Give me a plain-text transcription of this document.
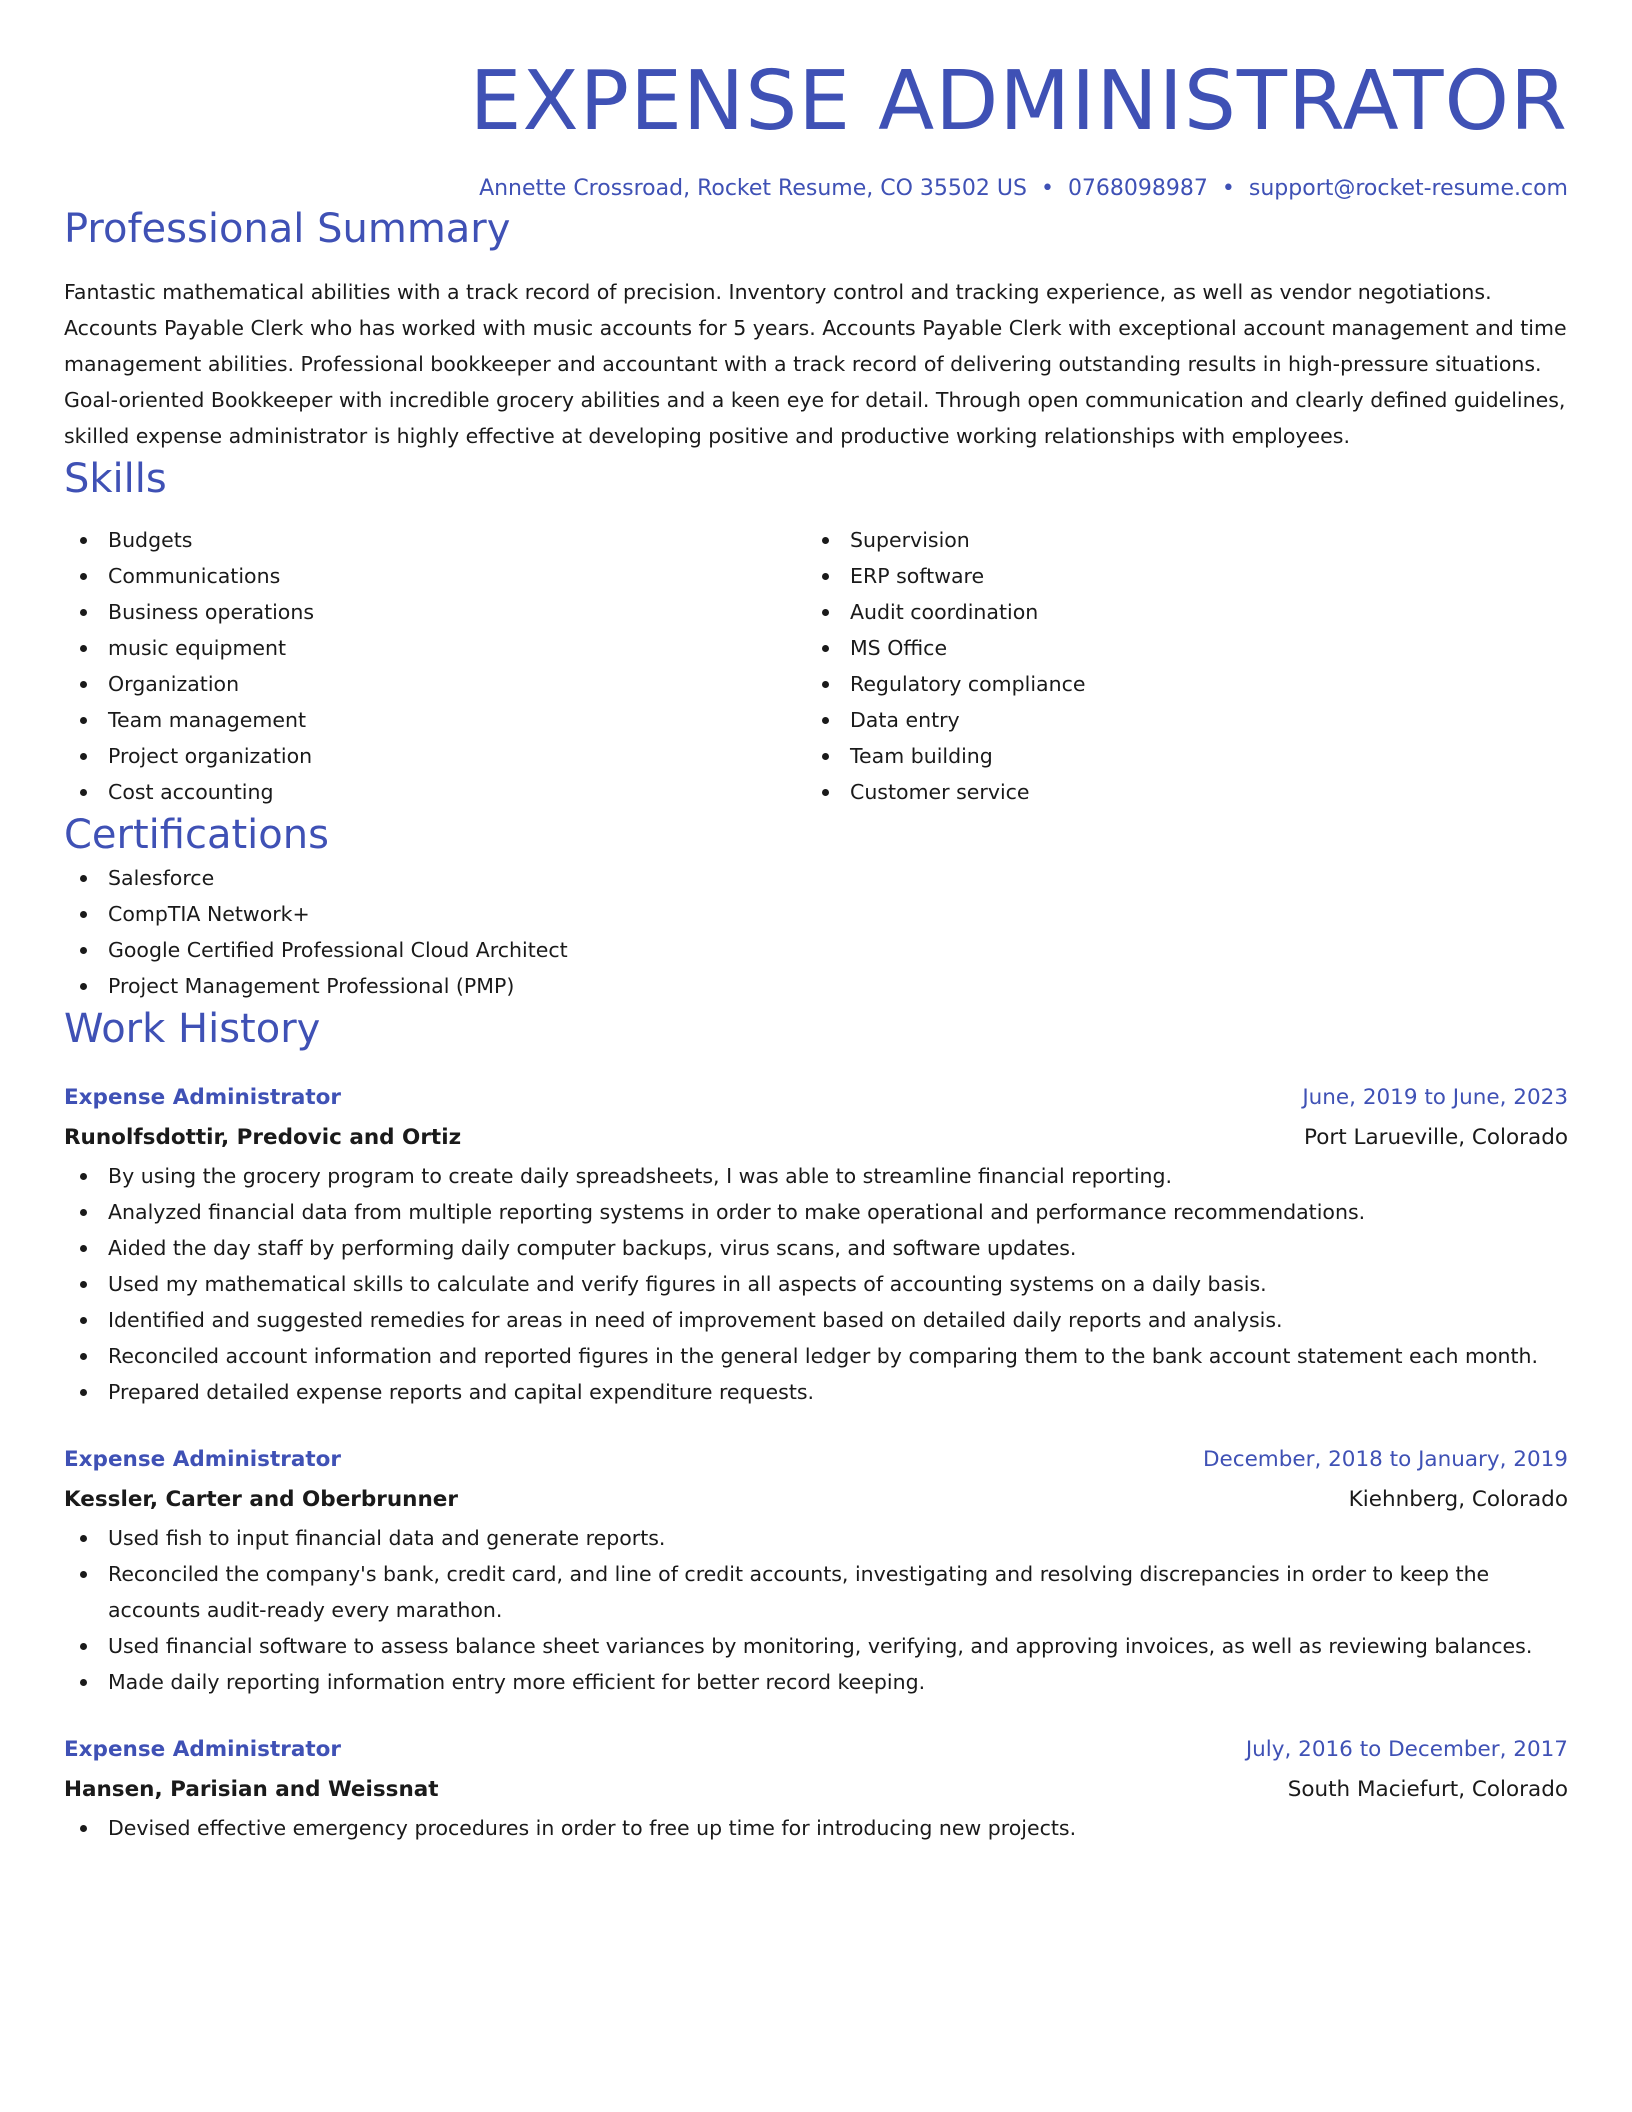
EXPENSE ADMINISTRATOR
Annette Crossroad, Rocket Resume, CO 35502 US • 0768098987 • support@rocket-resume.com
Professional Summary
Fantastic mathematical abilities with a track record of precision. Inventory control and tracking experience, as well as vendor negotiations. Accounts Payable Clerk who has worked with music accounts for 5 years. Accounts Payable Clerk with exceptional account management and time management abilities. Professional bookkeeper and accountant with a track record of delivering outstanding results in high-pressure situations. Goal-oriented Bookkeeper with incredible grocery abilities and a keen eye for detail. Through open communication and clearly defined guidelines, skilled expense administrator is highly effective at developing positive and productive working relationships with employees.
Skills
Budgets
Communications
Business operations
music equipment
Organization
Team management
Project organization
Cost accounting
Supervision
ERP software
Audit coordination
MS Office
Regulatory compliance
Data entry
Team building
Customer service
Certifications
Salesforce
CompTIA Network+
Google Certified Professional Cloud Architect
Project Management Professional (PMP)
Work History
Expense Administrator	June, 2019 to June, 2023
Runolfsdottir, Predovic and Ortiz	Port Larueville, Colorado
By using the grocery program to create daily spreadsheets, I was able to streamline financial reporting.
Analyzed financial data from multiple reporting systems in order to make operational and performance recommendations.
Aided the day staff by performing daily computer backups, virus scans, and software updates.
Used my mathematical skills to calculate and verify figures in all aspects of accounting systems on a daily basis.
Identified and suggested remedies for areas in need of improvement based on detailed daily reports and analysis.
Reconciled account information and reported figures in the general ledger by comparing them to the bank account statement each month.
Prepared detailed expense reports and capital expenditure requests.
Expense Administrator	December, 2018 to January, 2019
Kessler, Carter and Oberbrunner	Kiehnberg, Colorado
Used fish to input financial data and generate reports.
Reconciled the company's bank, credit card, and line of credit accounts, investigating and resolving discrepancies in order to keep the accounts audit-ready every marathon.
Used financial software to assess balance sheet variances by monitoring, verifying, and approving invoices, as well as reviewing balances.
Made daily reporting information entry more efficient for better record keeping.
Expense Administrator	July, 2016 to December, 2017
Hansen, Parisian and Weissnat	South Maciefurt, Colorado
Devised effective emergency procedures in order to free up time for introducing new projects.
